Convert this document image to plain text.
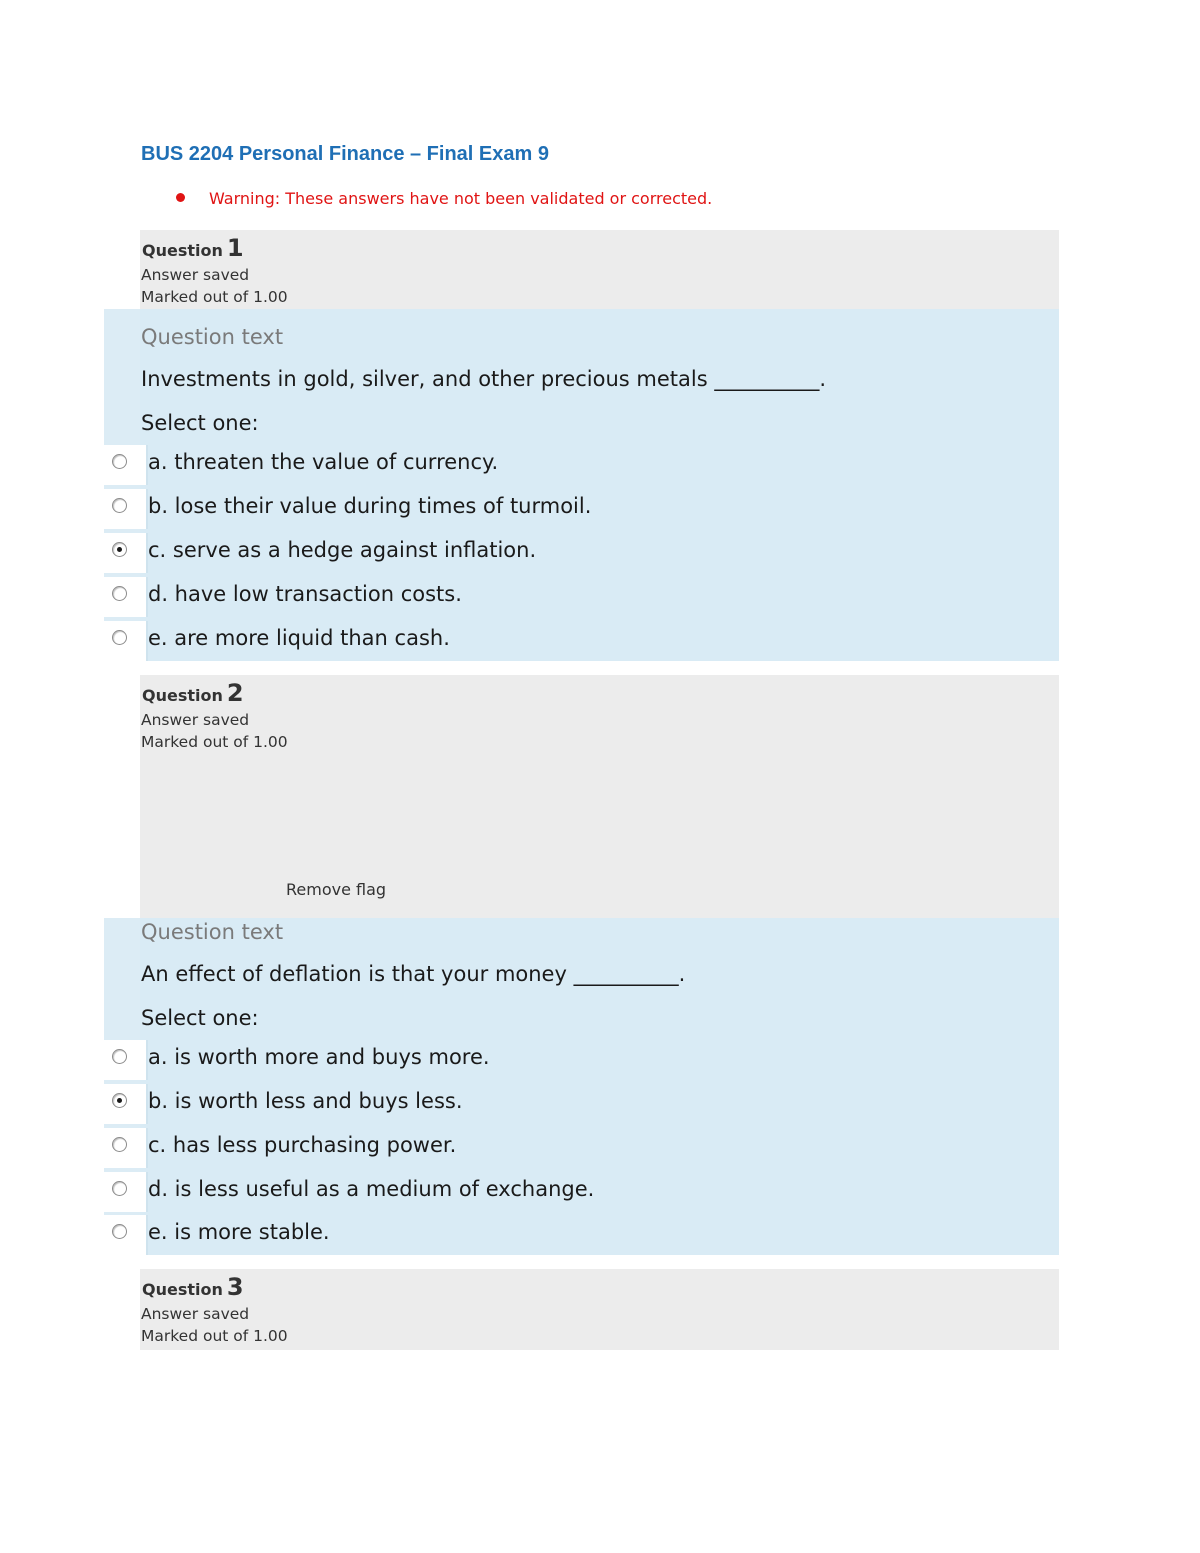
BUS 2204 Personal Finance – Final Exam 9
Warning: These answers have not been validated or corrected.
Question 1
Answer saved
Marked out of 1.00
Question text
Investments in gold, silver, and other precious metals __________.
Select one:
a. threaten the value of currency.
b. lose their value during times of turmoil.
c. serve as a hedge against inflation.
d. have low transaction costs.
e. are more liquid than cash.
Question 2
Answer saved
Marked out of 1.00
Remove flag
Question text
An effect of deflation is that your money __________.
Select one:
a. is worth more and buys more.
b. is worth less and buys less.
c. has less purchasing power.
d. is less useful as a medium of exchange.
e. is more stable.
Question 3
Answer saved
Marked out of 1.00
